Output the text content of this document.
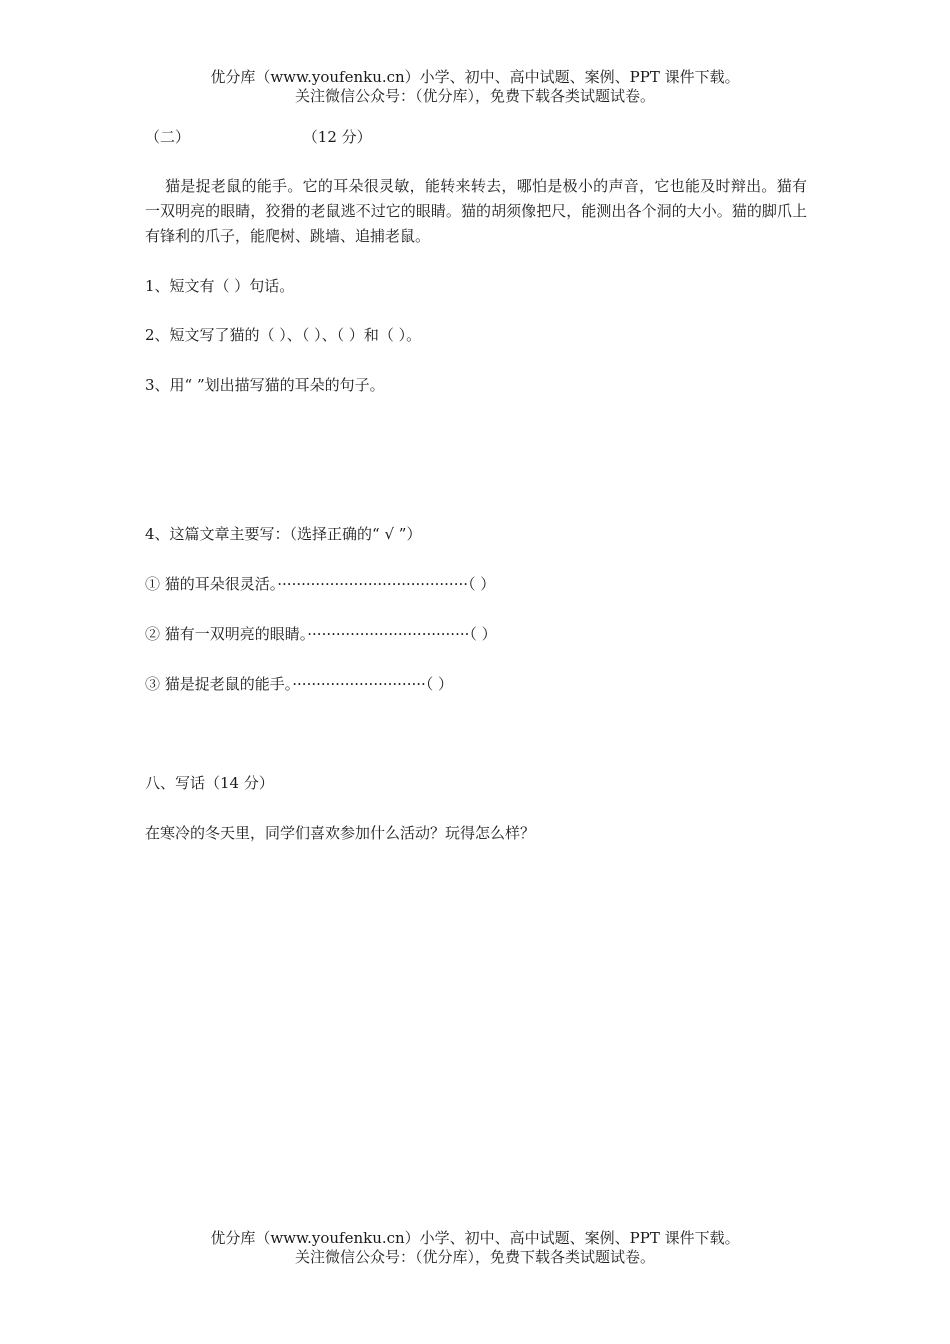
优分库（www.youfenku.cn）小学、初中、高中试题、案例、PPT 课件下载。
关注微信公众号：（优分库），免费下载各类试题试卷。
（二）	（12 分）
猫是捉老鼠的能手。它的耳朵很灵敏，能转来转去，哪怕是极小的声音，它也能及时辩出。猫有一双明亮的眼睛，狡猾的老鼠逃不过它的眼睛。猫的胡须像把尺，能测出各个洞的大小。猫的脚爪上有锋利的爪子，能爬树、跳墙、追捕老鼠。
1、短文有（ ）句话。
2、短文写了猫的（ ）、（ ）、（ ）和（ ）。
3、用“ ”划出描写猫的耳朵的句子。
4、这篇文章主要写：（选择正确的“ √ ”）
① 猫的耳朵很灵活。········································（ ）
② 猫有一双明亮的眼睛。··································（ ）
③ 猫是捉老鼠的能手。····························（ ）
八、写话（14 分）
在寒冷的冬天里，同学们喜欢参加什么活动？玩得怎么样？
优分库（www.youfenku.cn）小学、初中、高中试题、案例、PPT 课件下载。
关注微信公众号：（优分库），免费下载各类试题试卷。
